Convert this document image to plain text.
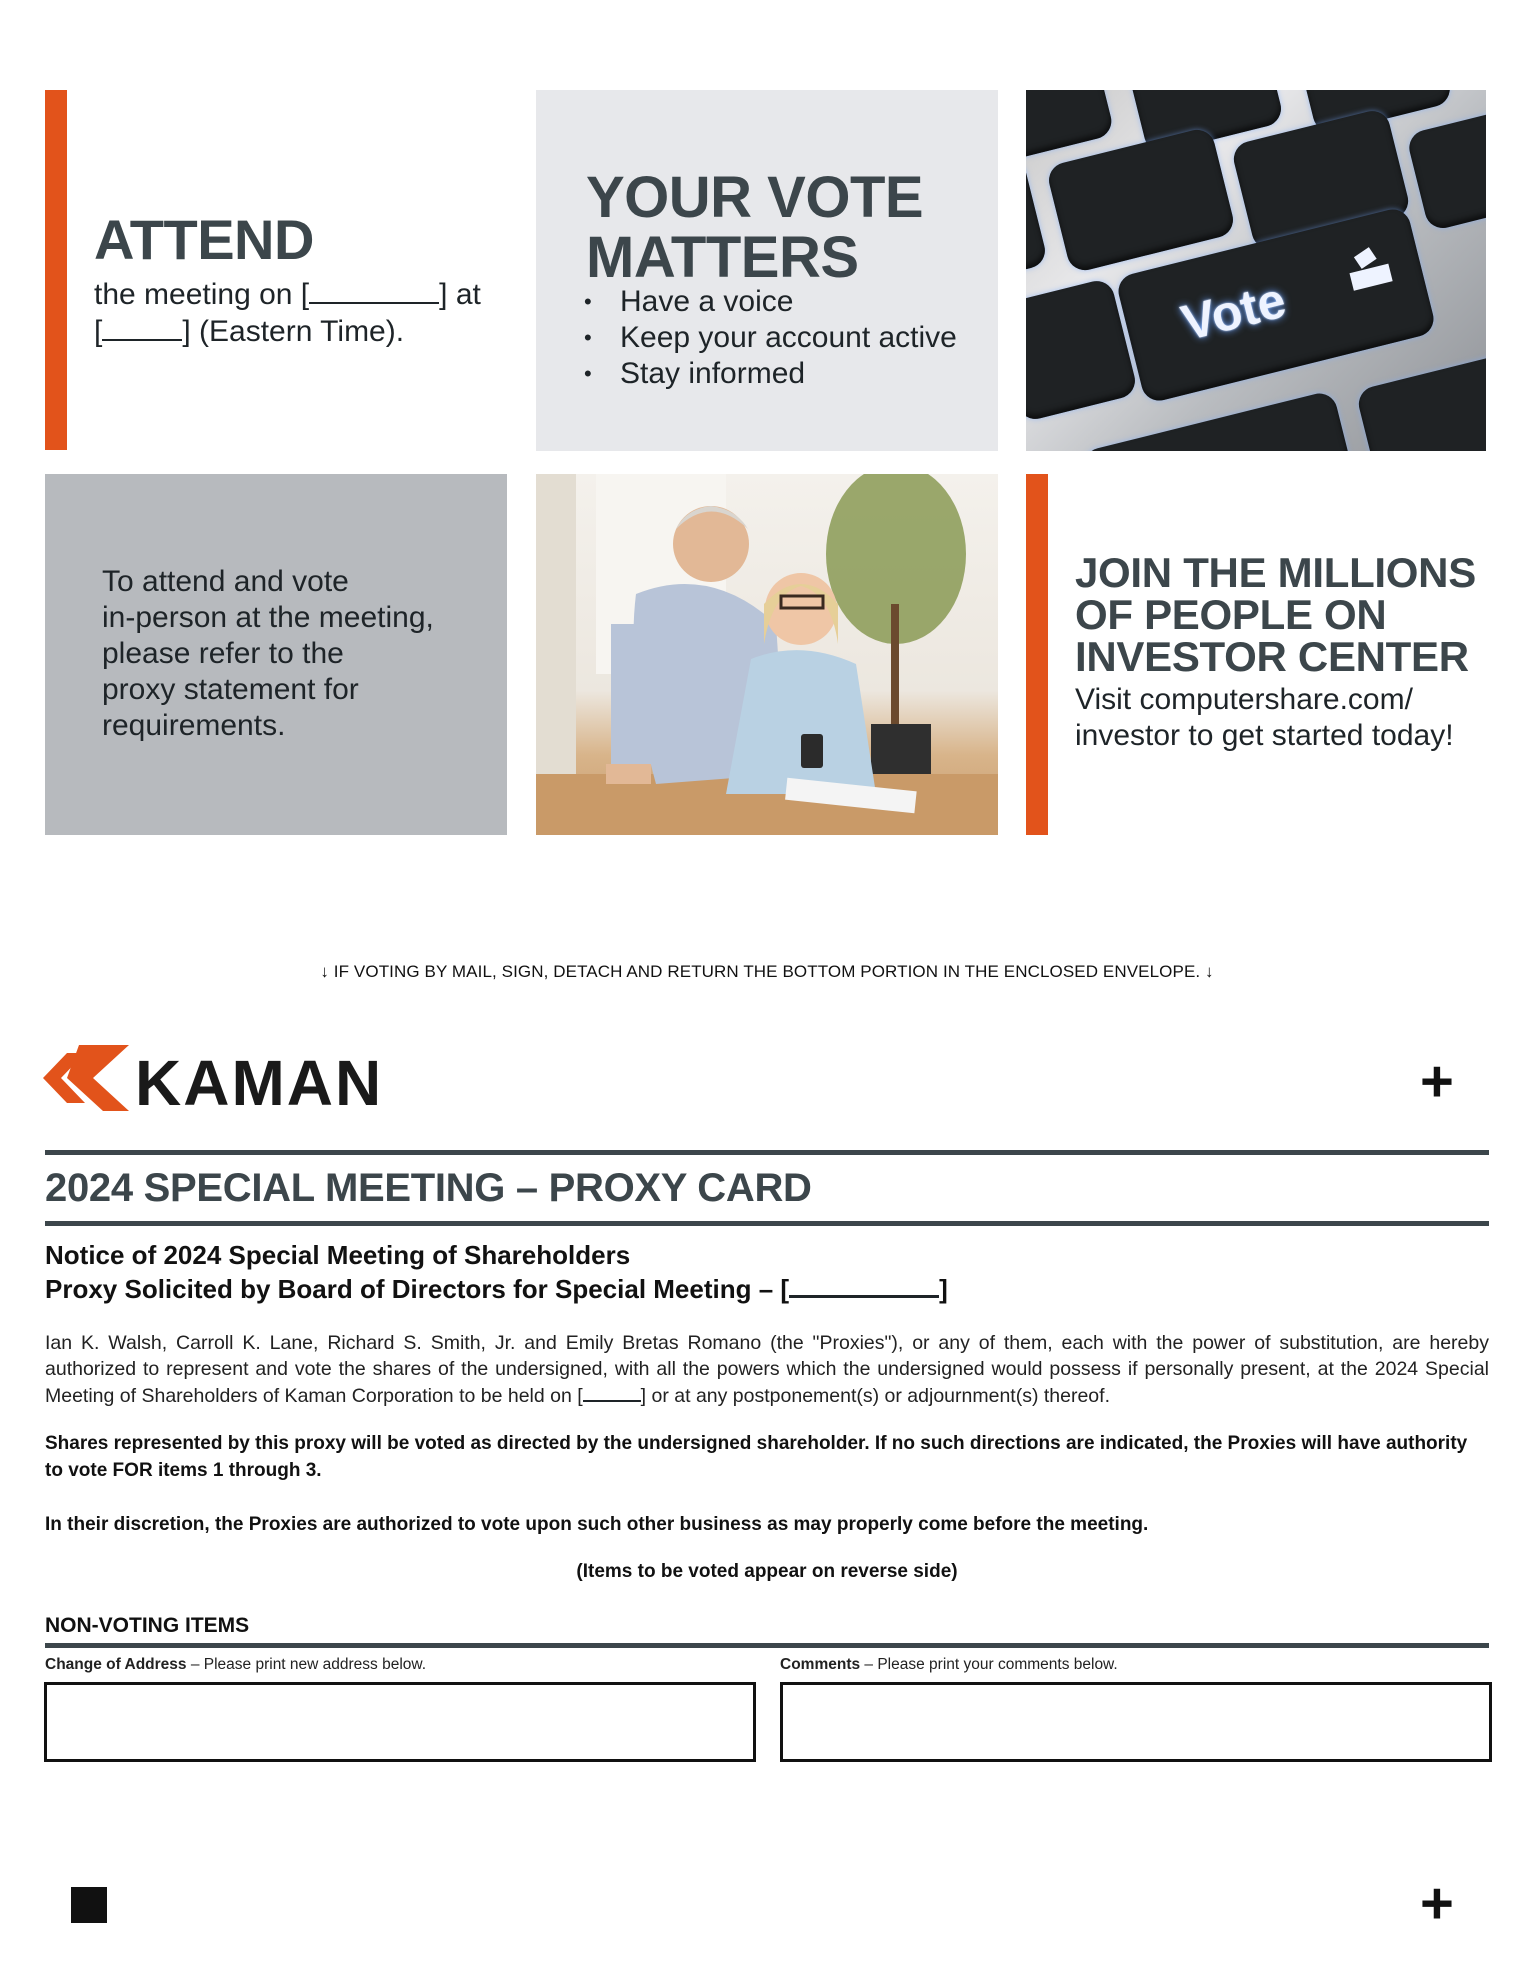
ATTEND
the meeting on [	] at
[	] (Eastern Time).
YOUR VOTE
MATTERS
• Have a voice
• Keep your account active
• Stay informed
Vote
To attend and vote
in-person at the meeting,
please refer to the
proxy statement for
requirements.
JOIN THE MILLIONS
OF PEOPLE ON
INVESTOR CENTER
Visit computershare.com/
investor to get started today!
↓ IF VOTING BY MAIL, SIGN, DETACH AND RETURN THE BOTTOM PORTION IN THE ENCLOSED ENVELOPE. ↓
KAMAN	+
2024 SPECIAL MEETING – PROXY CARD
Notice of 2024 Special Meeting of Shareholders
Proxy Solicited by Board of Directors for Special Meeting – [	]
Ian K. Walsh, Carroll K. Lane, Richard S. Smith, Jr. and Emily Bretas Romano (the "Proxies"), or any of them, each with the power of substitution, are hereby authorized to represent and vote the shares of the undersigned, with all the powers which the undersigned would possess if personally present, at the 2024 Special Meeting of Shareholders of Kaman Corporation to be held on [	] or at any postponement(s) or adjournment(s) thereof.
Shares represented by this proxy will be voted as directed by the undersigned shareholder. If no such directions are indicated, the Proxies will have authority to vote FOR items 1 through 3.
In their discretion, the Proxies are authorized to vote upon such other business as may properly come before the meeting.
(Items to be voted appear on reverse side)
NON-VOTING ITEMS
Change of Address – Please print new address below.	Comments – Please print your comments below.
+
